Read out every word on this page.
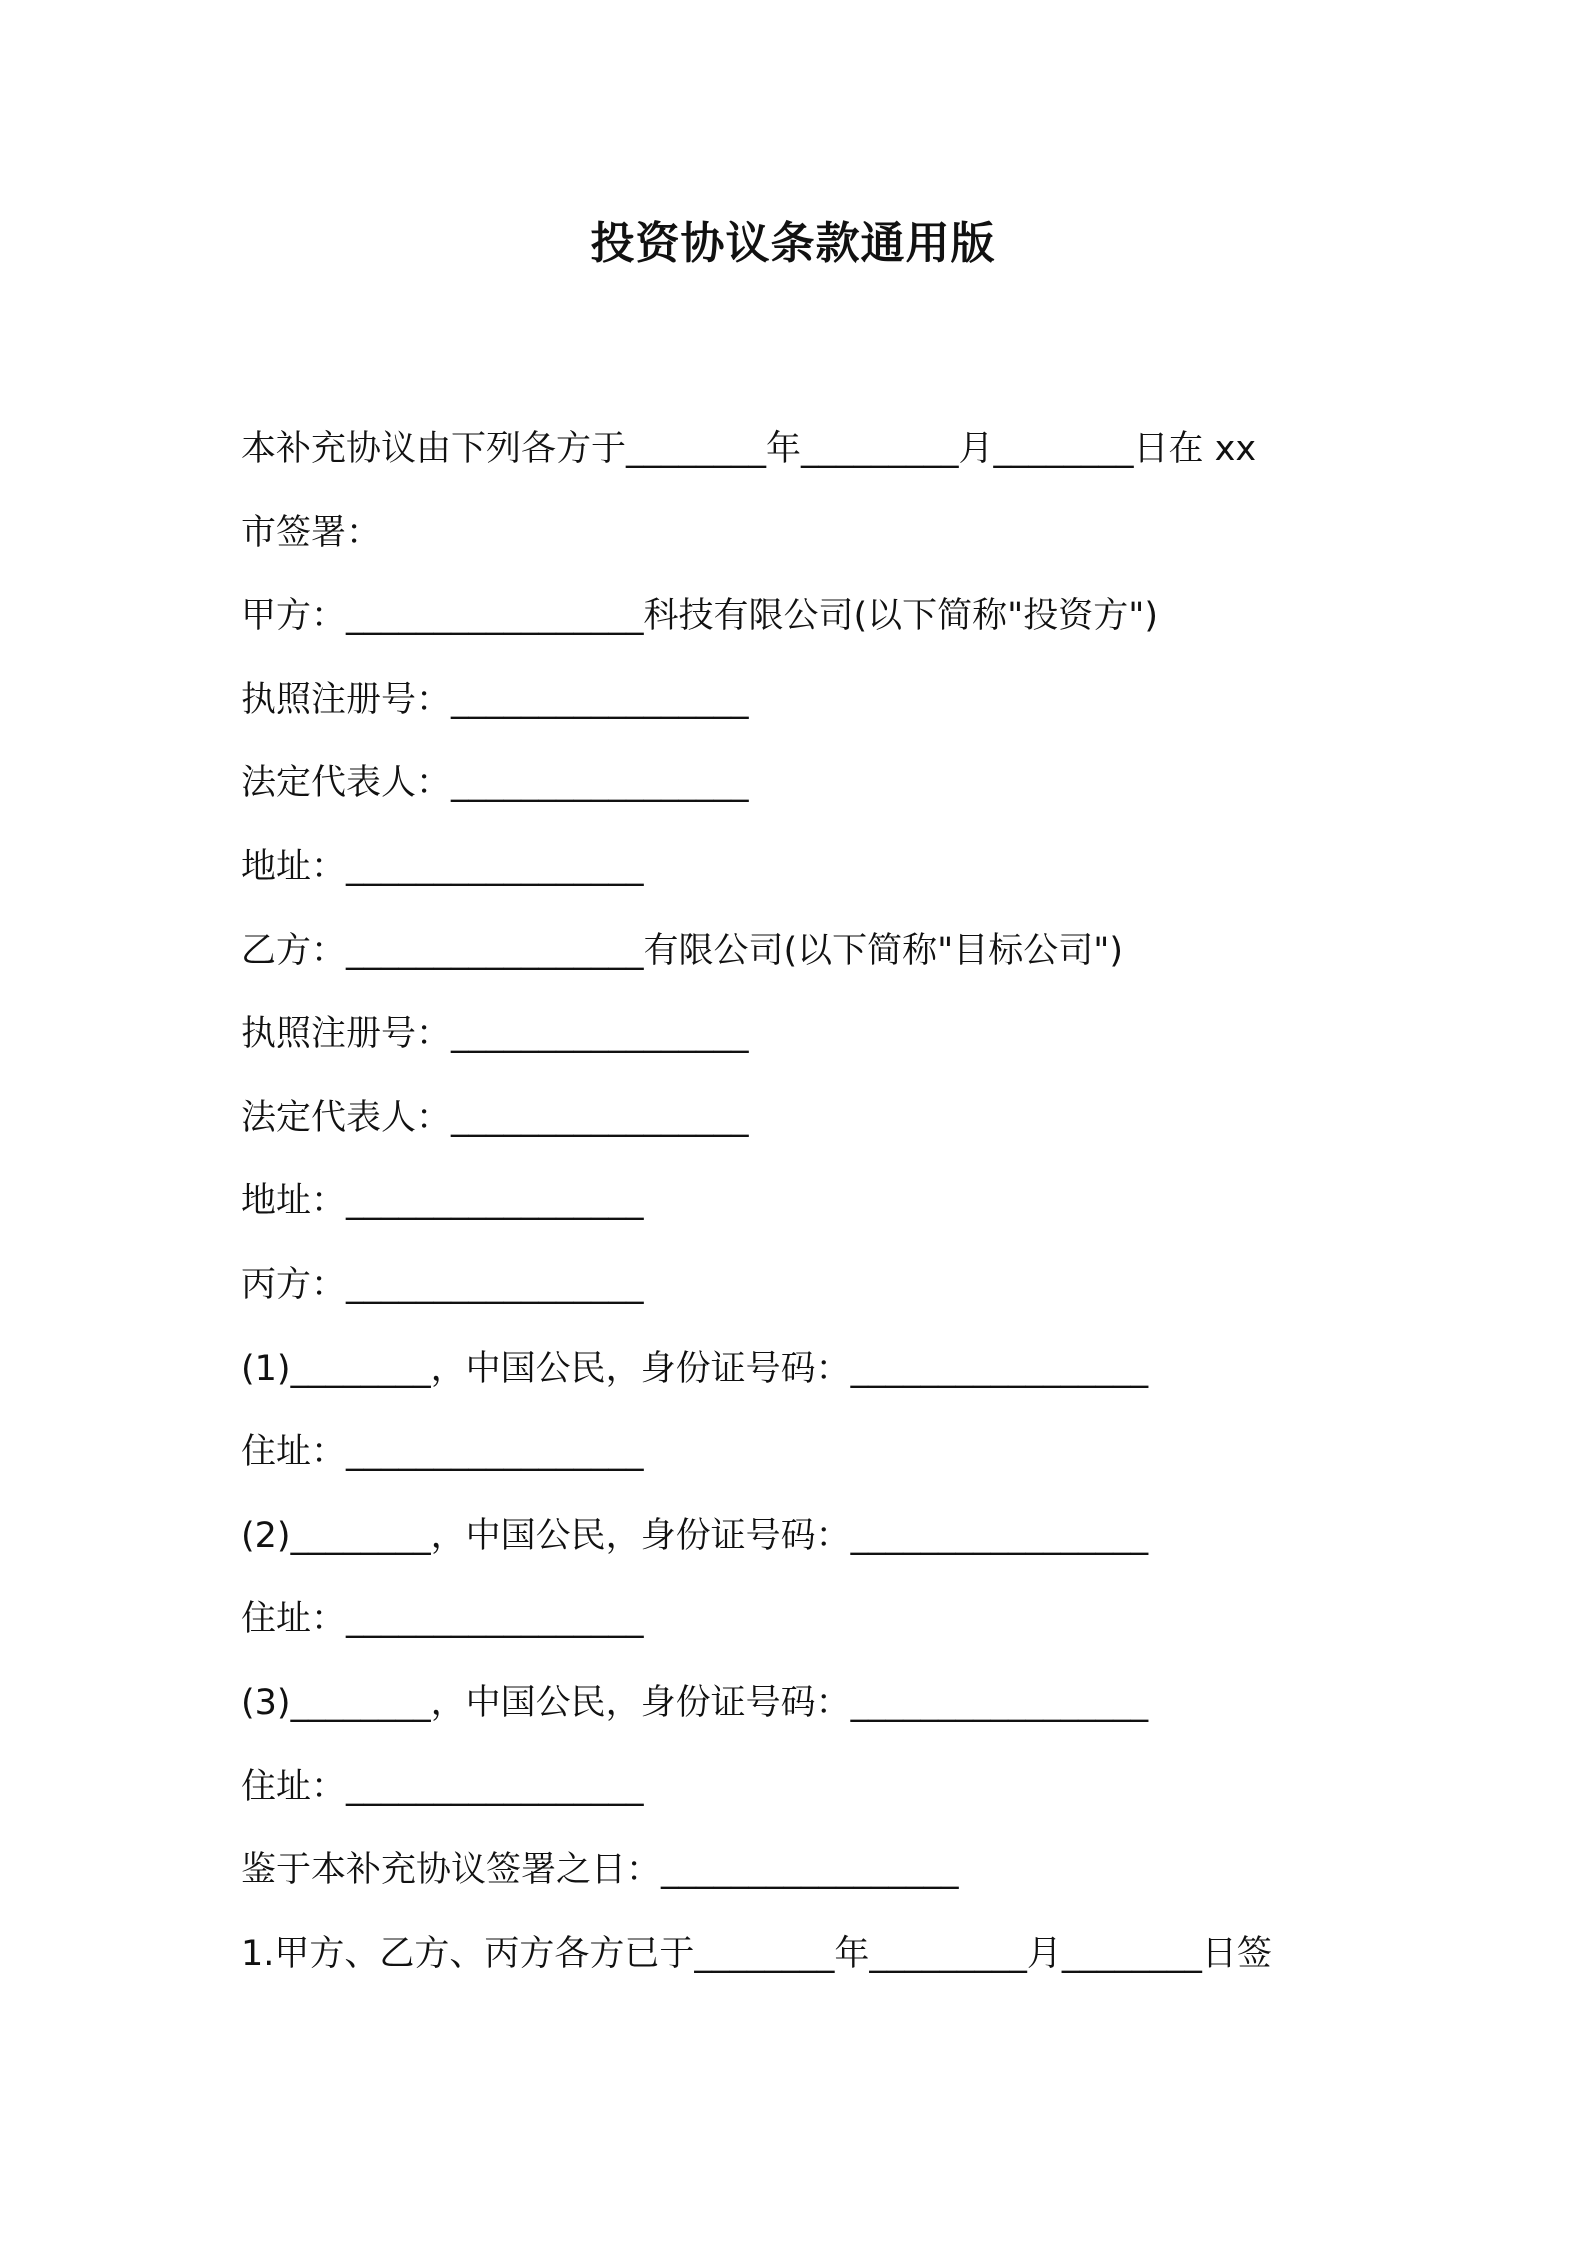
投资协议条款通用版

本补充协议由下列各方于________年_________月________日在 xx

市签署：

甲方：_________________科技有限公司(以下简称"投资方")

执照注册号：_________________

法定代表人：_________________

地址：_________________

乙方：_________________有限公司(以下简称"目标公司")

执照注册号：_________________

法定代表人：_________________

地址：_________________

丙方：_________________

(1)________，中国公民，身份证号码：_________________

住址：_________________

(2)________，中国公民，身份证号码：_________________

住址：_________________

(3)________，中国公民，身份证号码：_________________

住址：_________________

鉴于本补充协议签署之日：_________________

1.甲方、乙方、丙方各方已于________年_________月________日签
